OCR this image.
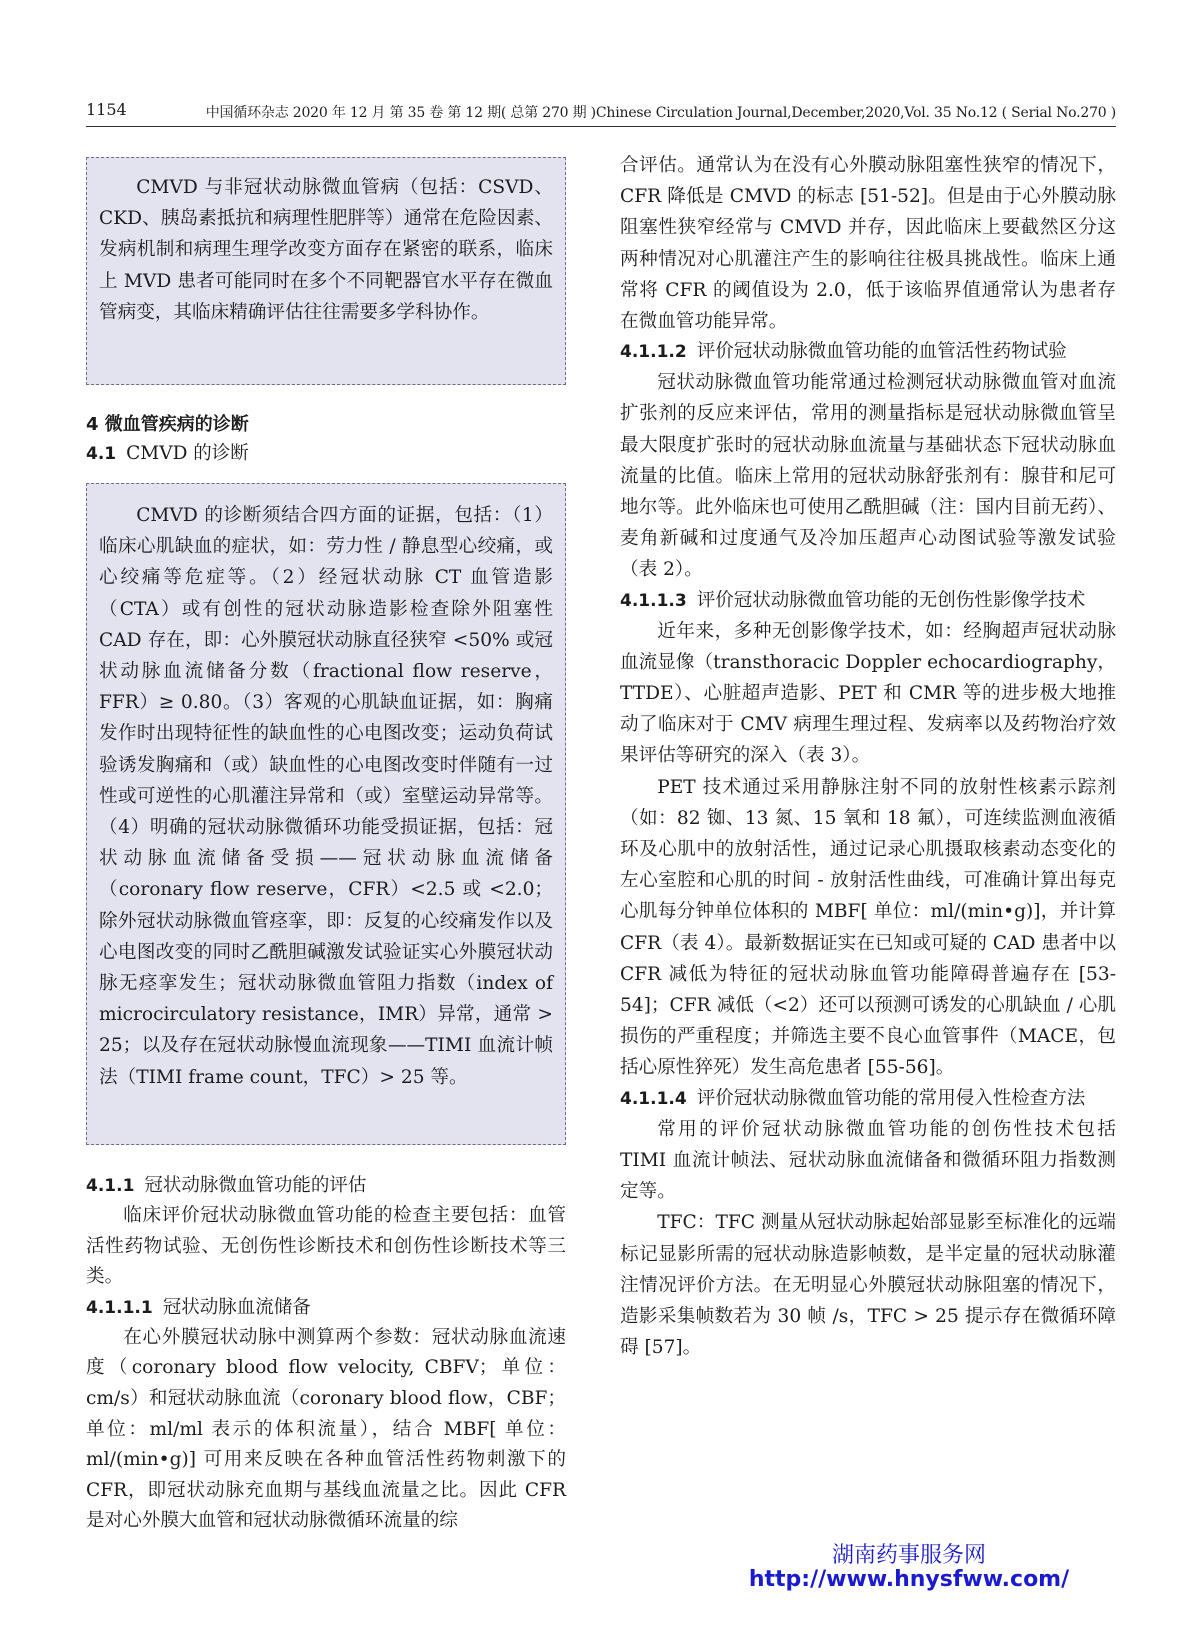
1154	中国循环杂志 2020 年 12 月 第 35 卷 第 12 期( 总第 270 期 )Chinese Circulation Journal,December,2020,Vol. 35 No.12 ( Serial No.270 )

CMVD 与非冠状动脉微血管病（包括：CSVD、CKD、胰岛素抵抗和病理性肥胖等）通常在危险因素、发病机制和病理生理学改变方面存在紧密的联系，临床上 MVD 患者可能同时在多个不同靶器官水平存在微血管病变，其临床精确评估往往需要多学科协作。

4 微血管疾病的诊断

4.1 CMVD 的诊断

CMVD 的诊断须结合四方面的证据，包括：（1）临床心肌缺血的症状，如：劳力性 / 静息型心绞痛，或心绞痛等危症等。（2）经冠状动脉 CT 血管造影（CTA）或有创性的冠状动脉造影检查除外阻塞性 CAD 存在，即：心外膜冠状动脉直径狭窄 <50% 或冠状动脉血流储备分数（fractional flow reserve，FFR）≥ 0.80。（3）客观的心肌缺血证据，如：胸痛发作时出现特征性的缺血性的心电图改变；运动负荷试验诱发胸痛和（或）缺血性的心电图改变时伴随有一过性或可逆性的心肌灌注异常和（或）室壁运动异常等。（4）明确的冠状动脉微循环功能受损证据，包括：冠状动脉血流储备受损——冠状动脉血流储备（coronary flow reserve，CFR）<2.5 或 <2.0；除外冠状动脉微血管痉挛，即：反复的心绞痛发作以及心电图改变的同时乙酰胆碱激发试验证实心外膜冠状动脉无痉挛发生；冠状动脉微血管阻力指数（index of microcirculatory resistance，IMR）异常，通常 > 25；以及存在冠状动脉慢血流现象——TIMI 血流计帧法（TIMI frame count，TFC）> 25 等。

4.1.1 冠状动脉微血管功能的评估

临床评价冠状动脉微血管功能的检查主要包括：血管活性药物试验、无创伤性诊断技术和创伤性诊断技术等三类。

4.1.1.1 冠状动脉血流储备

在心外膜冠状动脉中测算两个参数：冠状动脉血流速度（coronary blood flow velocity, CBFV；单位：cm/s）和冠状动脉血流（coronary blood flow，CBF；单位：ml/ml 表示的体积流量），结合 MBF[ 单位：ml/(min•g)] 可用来反映在各种血管活性药物刺激下的 CFR，即冠状动脉充血期与基线血流量之比。因此 CFR 是对心外膜大血管和冠状动脉微循环流量的综

合评估。通常认为在没有心外膜动脉阻塞性狭窄的情况下，CFR 降低是 CMVD 的标志 [51-52]。但是由于心外膜动脉阻塞性狭窄经常与 CMVD 并存，因此临床上要截然区分这两种情况对心肌灌注产生的影响往往极具挑战性。临床上通常将 CFR 的阈值设为 2.0，低于该临界值通常认为患者存在微血管功能异常。

4.1.1.2 评价冠状动脉微血管功能的血管活性药物试验

冠状动脉微血管功能常通过检测冠状动脉微血管对血流扩张剂的反应来评估，常用的测量指标是冠状动脉微血管呈最大限度扩张时的冠状动脉血流量与基础状态下冠状动脉血流量的比值。临床上常用的冠状动脉舒张剂有：腺苷和尼可地尔等。此外临床也可使用乙酰胆碱（注：国内目前无药）、麦角新碱和过度通气及冷加压超声心动图试验等激发试验（表 2）。

4.1.1.3 评价冠状动脉微血管功能的无创伤性影像学技术

近年来，多种无创影像学技术，如：经胸超声冠状动脉血流显像（transthoracic Doppler echocardiography，TTDE）、心脏超声造影、PET 和 CMR 等的进步极大地推动了临床对于 CMV 病理生理过程、发病率以及药物治疗效果评估等研究的深入（表 3）。

PET 技术通过采用静脉注射不同的放射性核素示踪剂（如：82 铷、13 氮、15 氧和 18 氟），可连续监测血液循环及心肌中的放射活性，通过记录心肌摄取核素动态变化的左心室腔和心肌的时间 - 放射活性曲线，可准确计算出每克心肌每分钟单位体积的 MBF[ 单位：ml/(min•g)]，并计算 CFR（表 4）。最新数据证实在已知或可疑的 CAD 患者中以 CFR 减低为特征的冠状动脉血管功能障碍普遍存在 [53-54]；CFR 减低（<2）还可以预测可诱发的心肌缺血 / 心肌损伤的严重程度；并筛选主要不良心血管事件（MACE，包括心原性猝死）发生高危患者 [55-56]。

4.1.1.4 评价冠状动脉微血管功能的常用侵入性检查方法

常用的评价冠状动脉微血管功能的创伤性技术包括 TIMI 血流计帧法、冠状动脉血流储备和微循环阻力指数测定等。

TFC：TFC 测量从冠状动脉起始部显影至标准化的远端标记显影所需的冠状动脉造影帧数，是半定量的冠状动脉灌注情况评价方法。在无明显心外膜冠状动脉阻塞的情况下，造影采集帧数若为 30 帧 /s，TFC > 25 提示存在微循环障碍 [57]。

湖南药事服务网
http://www.hnysfww.com/
